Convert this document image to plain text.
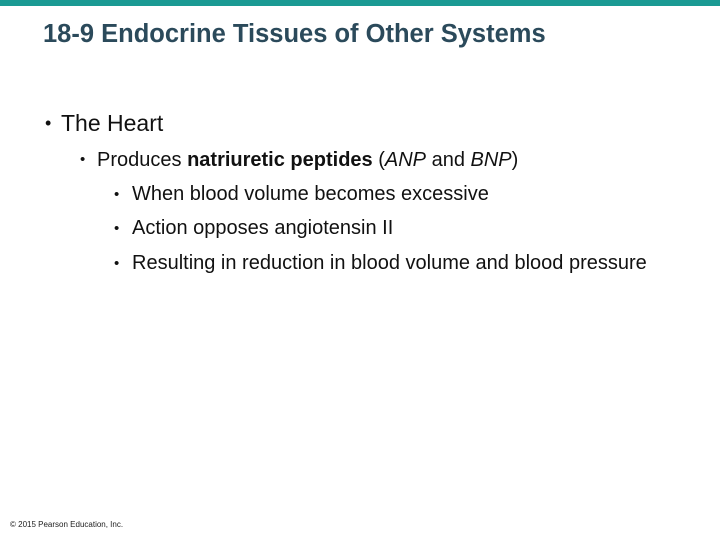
18-9 Endocrine Tissues of Other Systems
• The Heart
• Produces natriuretic peptides (ANP and BNP)
• When blood volume becomes excessive
• Action opposes angiotensin II
• Resulting in reduction in blood volume and blood pressure
© 2015 Pearson Education, Inc.
